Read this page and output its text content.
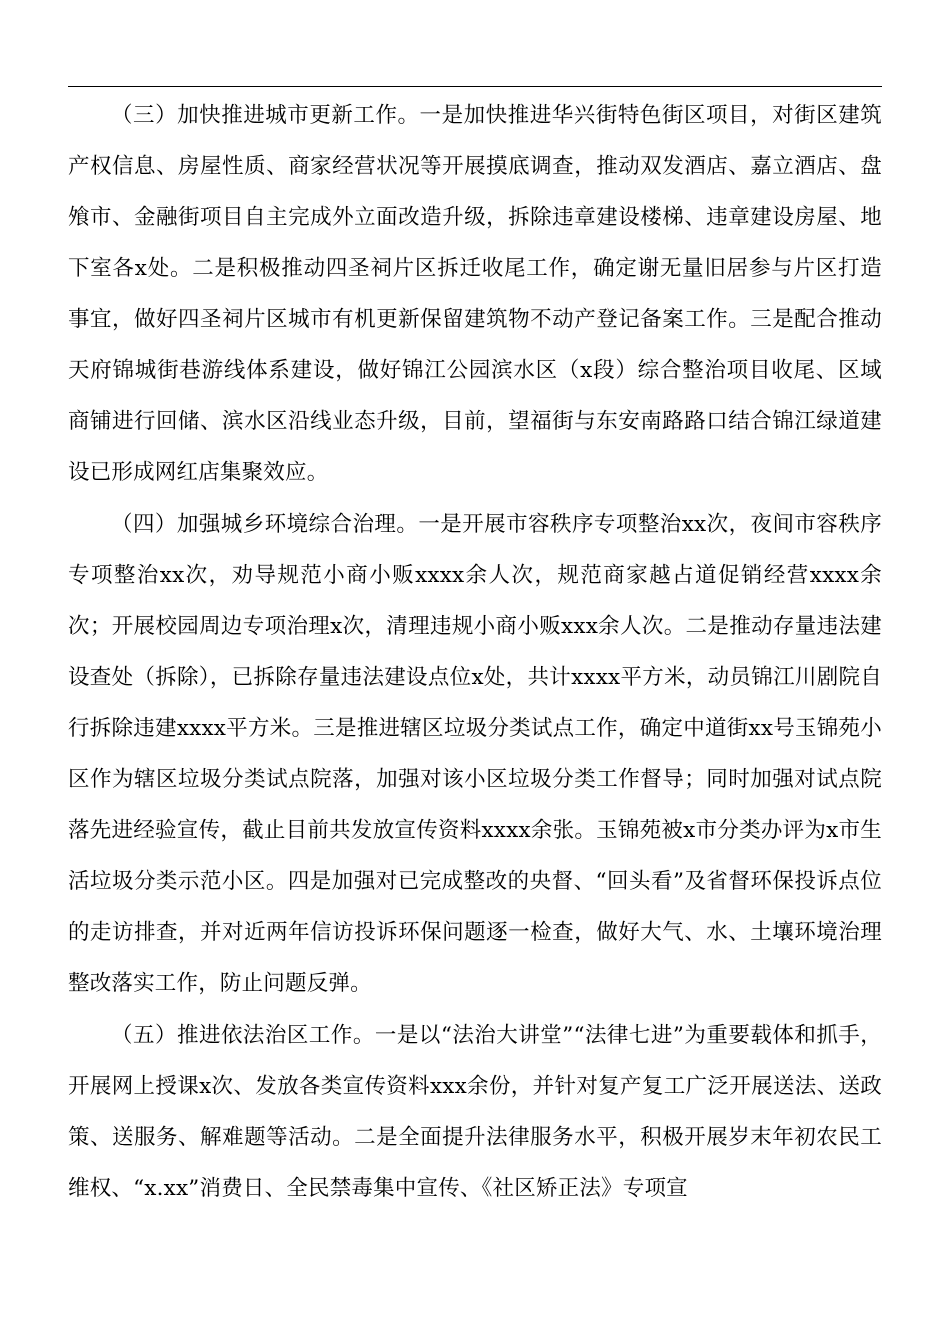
（三）加快推进城市更新工作。一是加快推进华兴街特色街区项目，对街区建筑产权信息、房屋性质、商家经营状况等开展摸底调查，推动双发酒店、嘉立酒店、盘飧市、金融街项目自主完成外立面改造升级，拆除违章建设楼梯、违章建设房屋、地下室各x处。二是积极推动四圣祠片区拆迁收尾工作，确定谢无量旧居参与片区打造事宜，做好四圣祠片区城市有机更新保留建筑物不动产登记备案工作。三是配合推动天府锦城街巷游线体系建设，做好锦江公园滨水区（x段）综合整治项目收尾、区域商铺进行回储、滨水区沿线业态升级，目前，望福街与东安南路路口结合锦江绿道建设已形成网红店集聚效应。

（四）加强城乡环境综合治理。一是开展市容秩序专项整治xx次，夜间市容秩序专项整治xx次，劝导规范小商小贩xxxx余人次，规范商家越占道促销经营xxxx余次；开展校园周边专项治理x次，清理违规小商小贩xxx余人次。二是推动存量违法建设查处（拆除），已拆除存量违法建设点位x处，共计xxxx平方米，动员锦江川剧院自行拆除违建xxxx平方米。三是推进辖区垃圾分类试点工作，确定中道街xx号玉锦苑小区作为辖区垃圾分类试点院落，加强对该小区垃圾分类工作督导；同时加强对试点院落先进经验宣传，截止目前共发放宣传资料xxxx余张。玉锦苑被x市分类办评为x市生活垃圾分类示范小区。四是加强对已完成整改的央督、“回头看”及省督环保投诉点位的走访排查，并对近两年信访投诉环保问题逐一检查，做好大气、水、土壤环境治理整改落实工作，防止问题反弹。

（五）推进依法治区工作。一是以“法治大讲堂”“法律七进”为重要载体和抓手，开展网上授课x次、发放各类宣传资料xxx余份，并针对复产复工广泛开展送法、送政策、送服务、解难题等活动。二是全面提升法律服务水平，积极开展岁末年初农民工维权、“x.xx”消费日、全民禁毒集中宣传、《社区矫正法》专项宣
